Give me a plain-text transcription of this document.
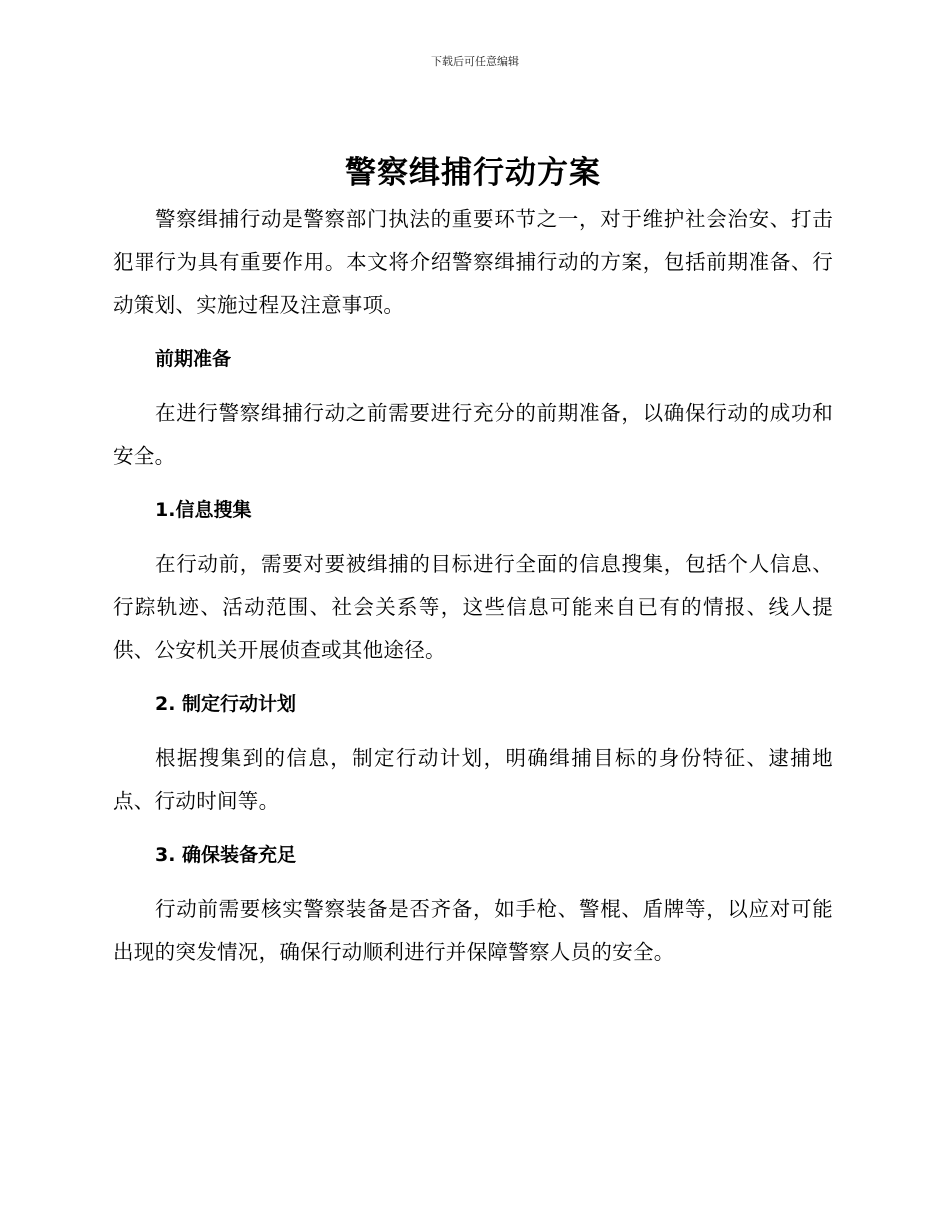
下载后可任意编辑
警察缉捕行动方案

警察缉捕行动是警察部门执法的重要环节之一，对于维护社会治安、打击犯罪行为具有重要作用。本文将介绍警察缉捕行动的方案，包括前期准备、行动策划、实施过程及注意事项。

前期准备

在进行警察缉捕行动之前需要进行充分的前期准备，以确保行动的成功和安全。

1.信息搜集

在行动前，需要对要被缉捕的目标进行全面的信息搜集，包括个人信息、行踪轨迹、活动范围、社会关系等，这些信息可能来自已有的情报、线人提供、公安机关开展侦查或其他途径。

2. 制定行动计划

根据搜集到的信息，制定行动计划，明确缉捕目标的身份特征、逮捕地点、行动时间等。

3. 确保装备充足

行动前需要核实警察装备是否齐备，如手枪、警棍、盾牌等，以应对可能出现的突发情况，确保行动顺利进行并保障警察人员的安全。
